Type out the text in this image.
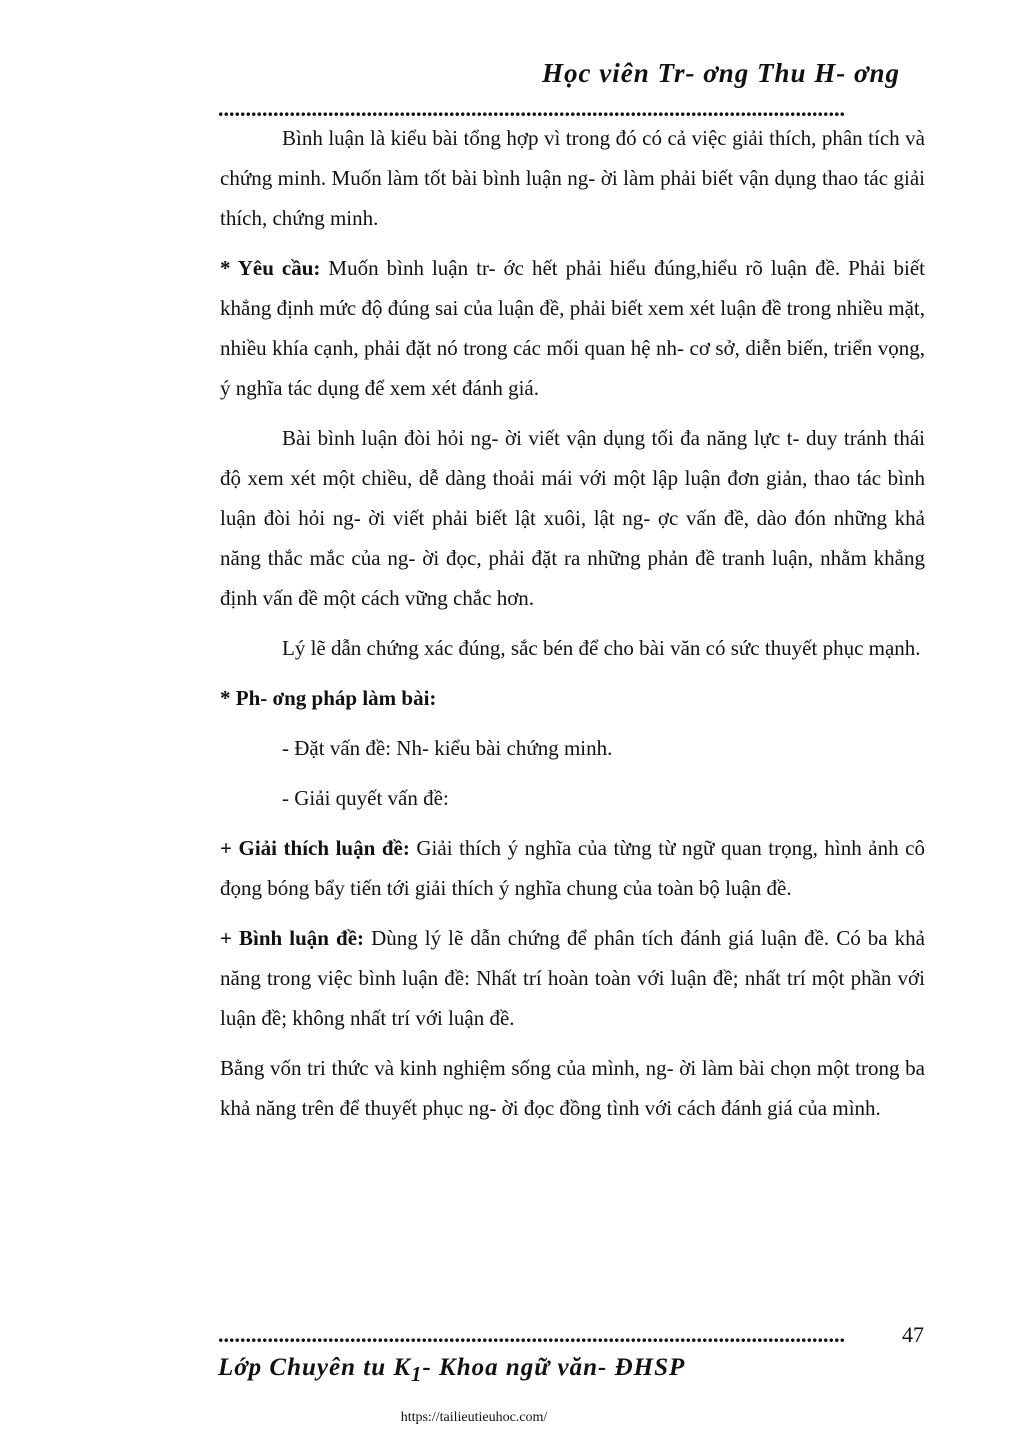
Học viên Tr- ơng Thu H- ơng
..................................................................................................................

Bình luận là kiểu bài tổng hợp vì trong đó có cả việc giải thích, phân tích và chứng minh. Muốn làm tốt bài bình luận ng- ời làm phải biết vận dụng thao tác giải thích, chứng minh.

* Yêu cầu: Muốn bình luận tr- ớc hết phải hiểu đúng,hiểu rõ luận đề. Phải biết khẳng định mức độ đúng sai của luận đề, phải biết xem xét luận đề trong nhiều mặt, nhiều khía cạnh, phải đặt nó trong các mối quan hệ nh- cơ sở, diễn biến, triển vọng, ý nghĩa tác dụng để xem xét đánh giá.

Bài bình luận đòi hỏi ng- ời viết vận dụng tối đa năng lực t- duy tránh thái độ xem xét một chiều, dễ dàng thoải mái với một lập luận đơn giản, thao tác bình luận đòi hỏi ng- ời viết phải biết lật xuôi, lật ng- ợc vấn đề, dào đón những khả năng thắc mắc của ng- ời đọc, phải đặt ra những phản đề tranh luận, nhằm khẳng định vấn đề một cách vững chắc hơn.

Lý lẽ dẫn chứng xác đúng, sắc bén để cho bài văn có sức thuyết phục mạnh.

* Ph- ơng pháp làm bài:

- Đặt vấn đề: Nh- kiểu bài chứng minh.

- Giải quyết vấn đề:

+ Giải thích luận đề: Giải thích ý nghĩa của từng từ ngữ quan trọng, hình ảnh cô đọng bóng bẩy tiến tới giải thích ý nghĩa chung của toàn bộ luận đề.

+ Bình luận đề: Dùng lý lẽ dẫn chứng để phân tích đánh giá luận đề. Có ba khả năng trong việc bình luận đề: Nhất trí hoàn toàn với luận đề; nhất trí một phần với luận đề; không nhất trí với luận đề.

Bằng vốn tri thức và kinh nghiệm sống của mình, ng- ời làm bài chọn một trong ba khả năng trên để thuyết phục ng- ời đọc đồng tình với cách đánh giá của mình.

..................................................................................................................	47
Lớp Chuyên tu $K_1-$ Khoa ngữ văn- ĐHSP
https://tailieutieuhoc.com/
